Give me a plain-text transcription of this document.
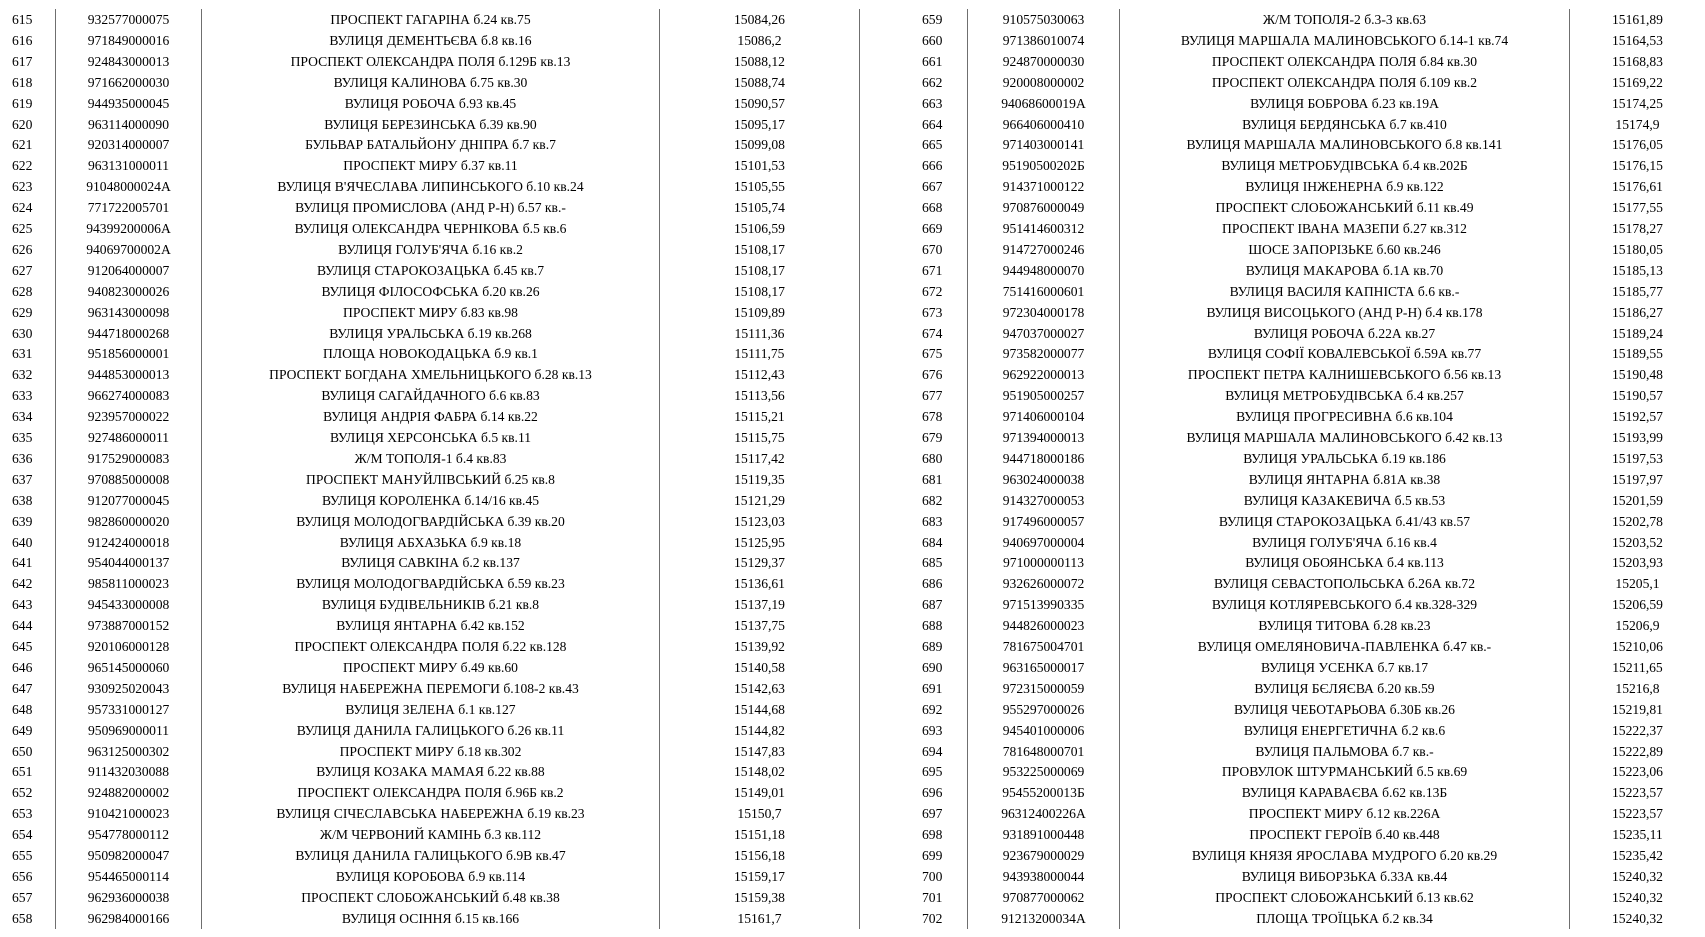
615	932577000075	ПРОСПЕКТ ГАГАРІНА б.24 кв.75	15084,26
616	971849000016	ВУЛИЦЯ ДЕМЕНТЬЄВА б.8 кв.16	15086,2
617	924843000013	ПРОСПЕКТ ОЛЕКСАНДРА ПОЛЯ б.129Б кв.13	15088,12
618	971662000030	ВУЛИЦЯ КАЛИНОВА б.75 кв.30	15088,74
619	944935000045	ВУЛИЦЯ РОБОЧА б.93 кв.45	15090,57
620	963114000090	ВУЛИЦЯ БЕРЕЗИНСЬКА б.39 кв.90	15095,17
621	920314000007	БУЛЬВАР БАТАЛЬЙОНУ ДНІПРА б.7 кв.7	15099,08
622	963131000011	ПРОСПЕКТ МИРУ б.37 кв.11	15101,53
623	91048000024А	ВУЛИЦЯ В'ЯЧЕСЛАВА ЛИПИНСЬКОГО б.10 кв.24	15105,55
624	771722005701	ВУЛИЦЯ ПРОМИСЛОВА (АНД Р-Н) б.57 кв.-	15105,74
625	94399200006А	ВУЛИЦЯ ОЛЕКСАНДРА ЧЕРНІКОВА б.5 кв.6	15106,59
626	94069700002А	ВУЛИЦЯ ГОЛУБ'ЯЧА б.16 кв.2	15108,17
627	912064000007	ВУЛИЦЯ СТАРОКОЗАЦЬКА б.45 кв.7	15108,17
628	940823000026	ВУЛИЦЯ ФІЛОСОФСЬКА б.20 кв.26	15108,17
629	963143000098	ПРОСПЕКТ МИРУ б.83 кв.98	15109,89
630	944718000268	ВУЛИЦЯ УРАЛЬСЬКА б.19 кв.268	15111,36
631	951856000001	ПЛОЩА НОВОКОДАЦЬКА б.9 кв.1	15111,75
632	944853000013	ПРОСПЕКТ БОГДАНА ХМЕЛЬНИЦЬКОГО б.28 кв.13	15112,43
633	966274000083	ВУЛИЦЯ САГАЙДАЧНОГО б.6 кв.83	15113,56
634	923957000022	ВУЛИЦЯ АНДРІЯ ФАБРА б.14 кв.22	15115,21
635	927486000011	ВУЛИЦЯ ХЕРСОНСЬКА б.5 кв.11	15115,75
636	917529000083	Ж/М ТОПОЛЯ-1 б.4 кв.83	15117,42
637	970885000008	ПРОСПЕКТ МАНУЙЛІВСЬКИЙ б.25 кв.8	15119,35
638	912077000045	ВУЛИЦЯ КОРОЛЕНКА б.14/16 кв.45	15121,29
639	982860000020	ВУЛИЦЯ МОЛОДОГВАРДІЙСЬКА б.39 кв.20	15123,03
640	912424000018	ВУЛИЦЯ АБХАЗЬКА б.9 кв.18	15125,95
641	954044000137	ВУЛИЦЯ САВКІНА б.2 кв.137	15129,37
642	985811000023	ВУЛИЦЯ МОЛОДОГВАРДІЙСЬКА б.59 кв.23	15136,61
643	945433000008	ВУЛИЦЯ БУДІВЕЛЬНИКІВ б.21 кв.8	15137,19
644	973887000152	ВУЛИЦЯ ЯНТАРНА б.42 кв.152	15137,75
645	920106000128	ПРОСПЕКТ ОЛЕКСАНДРА ПОЛЯ б.22 кв.128	15139,92
646	965145000060	ПРОСПЕКТ МИРУ б.49 кв.60	15140,58
647	930925020043	ВУЛИЦЯ НАБЕРЕЖНА ПЕРЕМОГИ б.108-2 кв.43	15142,63
648	957331000127	ВУЛИЦЯ ЗЕЛЕНА б.1 кв.127	15144,68
649	950969000011	ВУЛИЦЯ ДАНИЛА ГАЛИЦЬКОГО б.26 кв.11	15144,82
650	963125000302	ПРОСПЕКТ МИРУ б.18 кв.302	15147,83
651	911432030088	ВУЛИЦЯ КОЗАКА МАМАЯ б.22 кв.88	15148,02
652	924882000002	ПРОСПЕКТ ОЛЕКСАНДРА ПОЛЯ б.96Б кв.2	15149,01
653	910421000023	ВУЛИЦЯ СІЧЕСЛАВСЬКА НАБЕРЕЖНА б.19 кв.23	15150,7
654	954778000112	Ж/М ЧЕРВОНИЙ КАМІНЬ б.3 кв.112	15151,18
655	950982000047	ВУЛИЦЯ ДАНИЛА ГАЛИЦЬКОГО б.9В кв.47	15156,18
656	954465000114	ВУЛИЦЯ КОРОБОВА б.9 кв.114	15159,17
657	962936000038	ПРОСПЕКТ СЛОБОЖАНСЬКИЙ б.48 кв.38	15159,38
658	962984000166	ВУЛИЦЯ ОСІННЯ б.15 кв.166	15161,7
659	910575030063	Ж/М ТОПОЛЯ-2 б.3-3 кв.63	15161,89
660	971386010074	ВУЛИЦЯ МАРШАЛА МАЛИНОВСЬКОГО б.14-1 кв.74	15164,53
661	924870000030	ПРОСПЕКТ ОЛЕКСАНДРА ПОЛЯ б.84 кв.30	15168,83
662	920008000002	ПРОСПЕКТ ОЛЕКСАНДРА ПОЛЯ б.109 кв.2	15169,22
663	94068600019А	ВУЛИЦЯ БОБРОВА б.23 кв.19А	15174,25
664	966406000410	ВУЛИЦЯ БЕРДЯНСЬКА б.7 кв.410	15174,9
665	971403000141	ВУЛИЦЯ МАРШАЛА МАЛИНОВСЬКОГО б.8 кв.141	15176,05
666	95190500202Б	ВУЛИЦЯ МЕТРОБУДІВСЬКА б.4 кв.202Б	15176,15
667	914371000122	ВУЛИЦЯ ІНЖЕНЕРНА б.9 кв.122	15176,61
668	970876000049	ПРОСПЕКТ СЛОБОЖАНСЬКИЙ б.11 кв.49	15177,55
669	951414600312	ПРОСПЕКТ ІВАНА МАЗЕПИ б.27 кв.312	15178,27
670	914727000246	ШОСЕ ЗАПОРІЗЬКЕ б.60 кв.246	15180,05
671	944948000070	ВУЛИЦЯ МАКАРОВА б.1А кв.70	15185,13
672	751416000601	ВУЛИЦЯ ВАСИЛЯ КАПНІСТА б.6 кв.-	15185,77
673	972304000178	ВУЛИЦЯ ВИСОЦЬКОГО (АНД Р-Н) б.4 кв.178	15186,27
674	947037000027	ВУЛИЦЯ РОБОЧА б.22А кв.27	15189,24
675	973582000077	ВУЛИЦЯ СОФІЇ КОВАЛЕВСЬКОЇ б.59А кв.77	15189,55
676	962922000013	ПРОСПЕКТ ПЕТРА КАЛНИШЕВСЬКОГО б.56 кв.13	15190,48
677	951905000257	ВУЛИЦЯ МЕТРОБУДІВСЬКА б.4 кв.257	15190,57
678	971406000104	ВУЛИЦЯ ПРОГРЕСИВНА б.6 кв.104	15192,57
679	971394000013	ВУЛИЦЯ МАРШАЛА МАЛИНОВСЬКОГО б.42 кв.13	15193,99
680	944718000186	ВУЛИЦЯ УРАЛЬСЬКА б.19 кв.186	15197,53
681	963024000038	ВУЛИЦЯ ЯНТАРНА б.81А кв.38	15197,97
682	914327000053	ВУЛИЦЯ КАЗАКЕВИЧА б.5 кв.53	15201,59
683	917496000057	ВУЛИЦЯ СТАРОКОЗАЦЬКА б.41/43 кв.57	15202,78
684	940697000004	ВУЛИЦЯ ГОЛУБ'ЯЧА б.16 кв.4	15203,52
685	971000000113	ВУЛИЦЯ ОБОЯНСЬКА б.4 кв.113	15203,93
686	932626000072	ВУЛИЦЯ СЕВАСТОПОЛЬСЬКА б.26А кв.72	15205,1
687	971513990335	ВУЛИЦЯ КОТЛЯРЕВСЬКОГО б.4 кв.328-329	15206,59
688	944826000023	ВУЛИЦЯ ТИТОВА б.28 кв.23	15206,9
689	781675004701	ВУЛИЦЯ ОМЕЛЯНОВИЧА-ПАВЛЕНКА б.47 кв.-	15210,06
690	963165000017	ВУЛИЦЯ УСЕНКА б.7 кв.17	15211,65
691	972315000059	ВУЛИЦЯ БЄЛЯЄВА б.20 кв.59	15216,8
692	955297000026	ВУЛИЦЯ ЧЕБОТАРЬОВА б.30Б кв.26	15219,81
693	945401000006	ВУЛИЦЯ ЕНЕРГЕТИЧНА б.2 кв.6	15222,37
694	781648000701	ВУЛИЦЯ ПАЛЬМОВА б.7 кв.-	15222,89
695	953225000069	ПРОВУЛОК ШТУРМАНСЬКИЙ б.5 кв.69	15223,06
696	95455200013Б	ВУЛИЦЯ КАРАВАЄВА б.62 кв.13Б	15223,57
697	96312400226А	ПРОСПЕКТ МИРУ б.12 кв.226А	15223,57
698	931891000448	ПРОСПЕКТ ГЕРОЇВ б.40 кв.448	15235,11
699	923679000029	ВУЛИЦЯ КНЯЗЯ ЯРОСЛАВА МУДРОГО б.20 кв.29	15235,42
700	943938000044	ВУЛИЦЯ ВИБОРЗЬКА б.33А кв.44	15240,32
701	970877000062	ПРОСПЕКТ СЛОБОЖАНСЬКИЙ б.13 кв.62	15240,32
702	91213200034А	ПЛОЩА ТРОЇЦЬКА б.2 кв.34	15240,32
